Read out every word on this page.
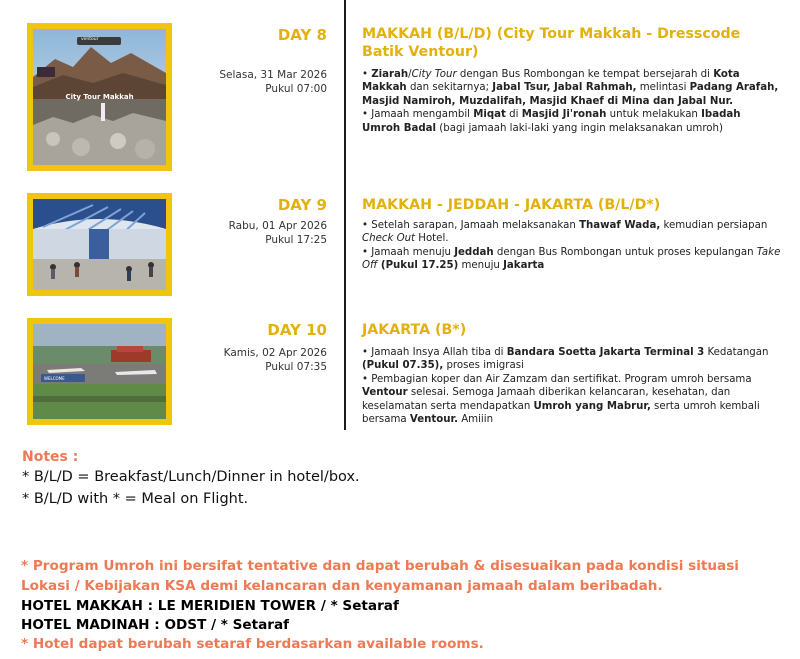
ventour
City Tour Makkah
DAY 8
Selasa, 31 Mar 2026
Pukul 07:00
MAKKAH (B/L/D) (City Tour Makkah - Dresscode Batik Ventour)
• Ziarah/City Tour dengan Bus Rombongan ke tempat bersejarah di Kota Makkah dan sekitarnya; Jabal Tsur, Jabal Rahmah, melintasi Padang Arafah, Masjid Namiroh, Muzdalifah, Masjid Khaef di Mina dan Jabal Nur.
• Jamaah mengambil Miqat di Masjid Ji'ronah untuk melakukan Ibadah Umroh Badal (bagi jamaah laki-laki yang ingin melaksanakan umroh)
DAY 9
Rabu, 01 Apr 2026
Pukul 17:25
MAKKAH - JEDDAH - JAKARTA (B/L/D*)
• Setelah sarapan, Jamaah melaksanakan Thawaf Wada, kemudian persiapan Check Out Hotel.
• Jamaah menuju Jeddah dengan Bus Rombongan untuk proses kepulangan Take Off (Pukul 17.25) menuju Jakarta
WELCOME
DAY 10
Kamis, 02 Apr 2026
Pukul 07:35
JAKARTA (B*)
• Jamaah Insya Allah tiba di Bandara Soetta Jakarta Terminal 3 Kedatangan (Pukul 07.35), proses imigrasi
• Pembagian koper dan Air Zamzam dan sertifikat. Program umroh bersama Ventour selesai. Semoga Jamaah diberikan kelancaran, kesehatan, dan keselamatan serta mendapatkan Umroh yang Mabrur, serta umroh kembali bersama Ventour. Amiiin
Notes :
* B/L/D = Breakfast/Lunch/Dinner in hotel/box.
* B/L/D with * = Meal on Flight.
* Program Umroh ini bersifat tentative dan dapat berubah & disesuaikan pada kondisi situasi Lokasi / Kebijakan KSA demi kelancaran dan kenyamanan jamaah dalam beribadah.
HOTEL MAKKAH : LE MERIDIEN TOWER / * Setaraf
HOTEL MADINAH : ODST / * Setaraf
* Hotel dapat berubah setaraf berdasarkan available rooms.
